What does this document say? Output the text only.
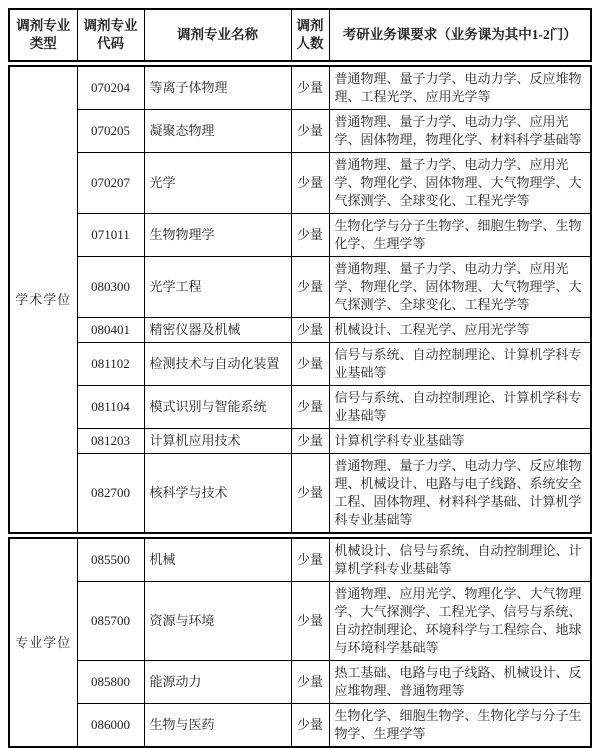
调剂专业类型	调剂专业代码	调剂专业名称	调剂人数	考研业务课要求（业务课为其中1-2门）
学术学位	070204	等离子体物理	少量	普通物理、量子力学、电动力学、反应堆物理、工程光学、应用光学等
	070205	凝聚态物理	少量	普通物理、量子力学、电动力学、应用光学、固体物理，物理化学、材料科学基础等
	070207	光学	少量	普通物理、量子力学、电动力学、应用光学、物理化学、固体物理、大气物理学、大气探测学、全球变化、工程光学等
	071011	生物物理学	少量	生物化学与分子生物学、细胞生物学、生物化学、生理学等
	080300	光学工程	少量	普通物理、量子力学、电动力学、应用光学、物理化学、固体物理、大气物理学、大气探测学、全球变化、工程光学等
	080401	精密仪器及机械	少量	机械设计、工程光学、应用光学等
	081102	检测技术与自动化装置	少量	信号与系统、自动控制理论、计算机学科专业基础等
	081104	模式识别与智能系统	少量	信号与系统、自动控制理论、计算机学科专业基础等
	081203	计算机应用技术	少量	计算机学科专业基础等
	082700	核科学与技术	少量	普通物理、量子力学、电动力学、反应堆物理、机械设计、电路与电子线路、系统安全工程、固体物理、材料科学基础、计算机学科专业基础等
专业学位	085500	机械	少量	机械设计、信号与系统、自动控制理论、计算机学科专业基础等
	085700	资源与环境	少量	普通物理、应用光学、物理化学、大气物理学、大气探测学、工程光学、信号与系统、自动控制理论、环境科学与工程综合、地球与环境科学基础等
	085800	能源动力	少量	热工基础、电路与电子线路、机械设计、反应堆物理、普通物理等
	086000	生物与医药	少量	生物化学、细胞生物学、生物化学与分子生物学、生理学等
